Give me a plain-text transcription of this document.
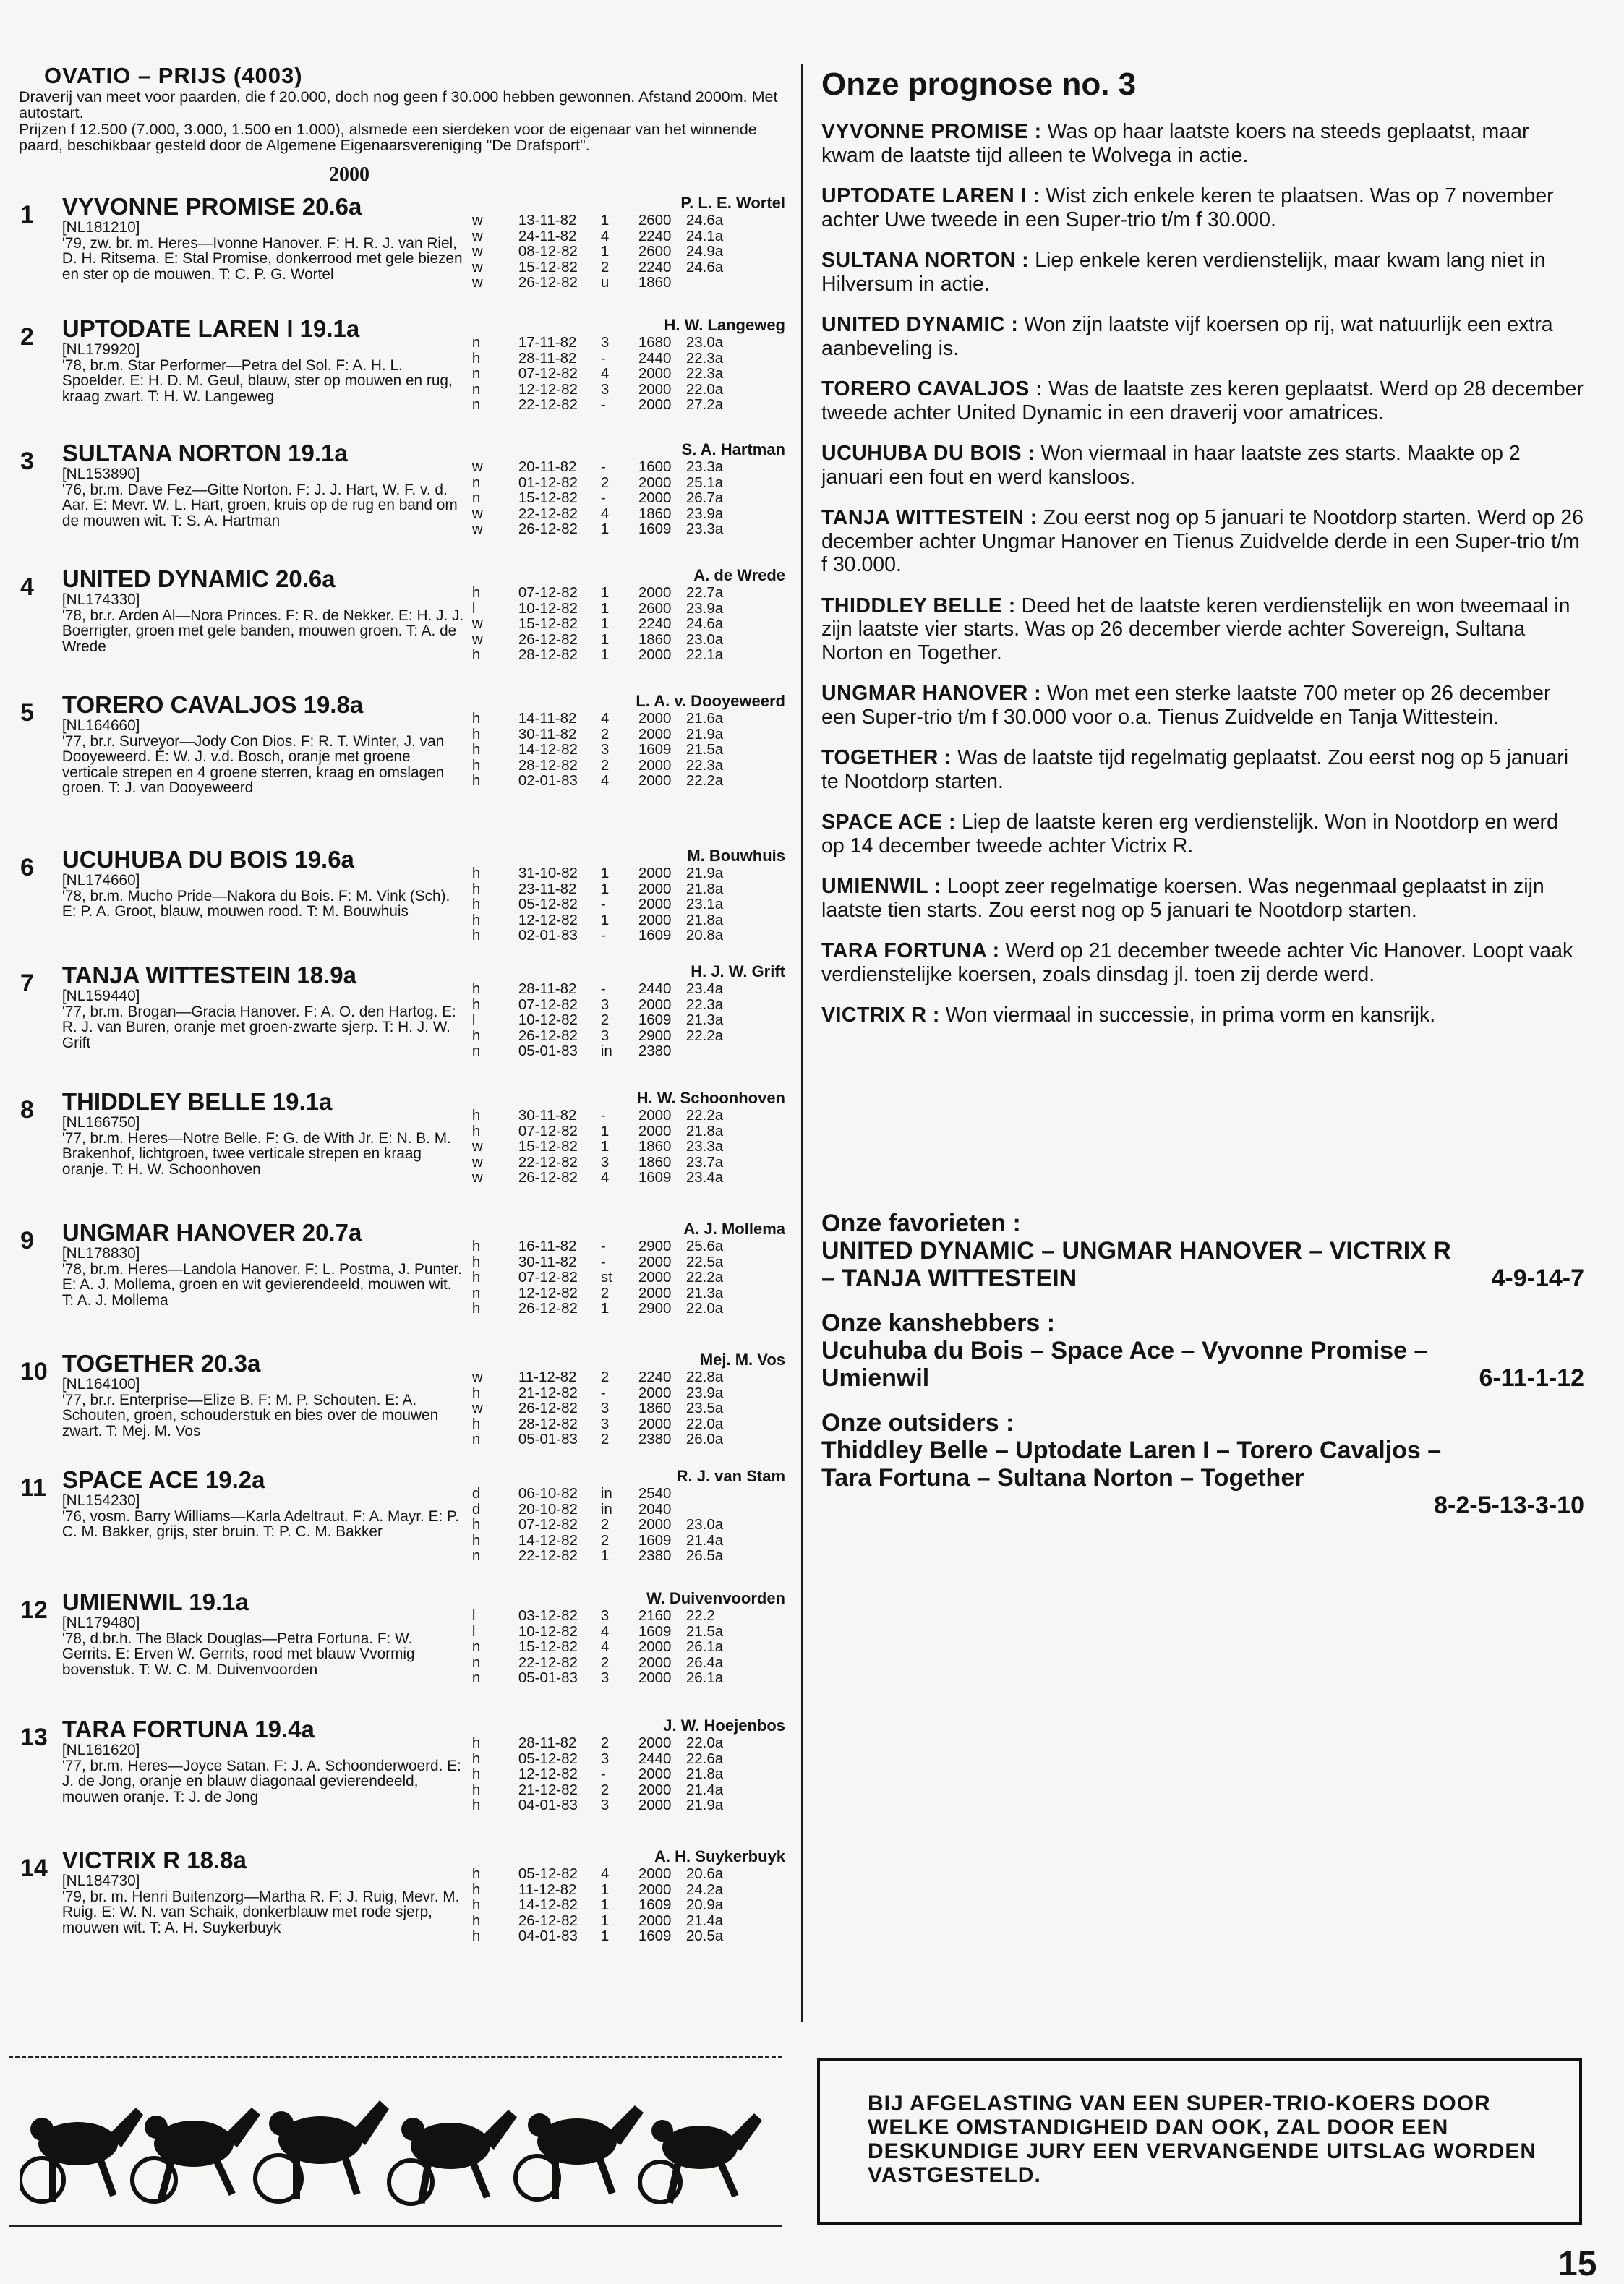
OVATIO – PRIJS (4003)
Draverij van meet voor paarden, die f 20.000, doch nog geen f 30.000 hebben gewonnen. Afstand 2000m. Met autostart.
Prijzen f 12.500 (7.000, 3.000, 1.500 en 1.000), alsmede een sierdeken voor de eigenaar van het winnende paard, beschikbaar gesteld door de Algemene Eigenaarsvereniging "De Drafsport".
2000
1	VYVONNE PROMISE 20.6a
[NL181210]
'79, zw. br. m. Heres—Ivonne Hanover. F: H. R. J. van Riel, D. H. Ritsema. E: Stal Promise, donkerrood met gele biezen en ster op de mouwen. T: C. P. G. Wortel
P. L. E. Wortel
w	13-11-82	1	2600 24.6a
w	24-11-82	4	2240 24.1a
w	08-12-82	1	2600 24.9a
w	15-12-82	2	2240 24.6a
w	26-12-82	u	1860
2	UPTODATE LAREN I 19.1a
[NL179920]
'78, br.m. Star Performer—Petra del Sol. F: A. H. L. Spoelder. E: H. D. M. Geul, blauw, ster op mouwen en rug, kraag zwart. T: H. W. Langeweg
H. W. Langeweg
n	17-11-82	3	1680 23.0a
h	28-11-82	-	2440 22.3a
n	07-12-82	4	2000 22.3a
n	12-12-82	3	2000 22.0a
n	22-12-82	-	2000 27.2a
3	SULTANA NORTON 19.1a
[NL153890]
'76, br.m. Dave Fez—Gitte Norton. F: J. J. Hart, W. F. v. d. Aar. E: Mevr. W. L. Hart, groen, kruis op de rug en band om de mouwen wit. T: S. A. Hartman
S. A. Hartman
w	20-11-82	-	1600 23.3a
n	01-12-82	2	2000 25.1a
n	15-12-82	-	2000 26.7a
w	22-12-82	4	1860 23.9a
w	26-12-82	1	1609 23.3a
4	UNITED DYNAMIC 20.6a
[NL174330]
'78, br.r. Arden Al—Nora Princes. F: R. de Nekker. E: H. J. J. Boerrigter, groen met gele banden, mouwen groen. T: A. de Wrede
A. de Wrede
h	07-12-82	1	2000 22.7a
l	10-12-82	1	2600 23.9a
w	15-12-82	1	2240 24.6a
w	26-12-82	1	1860 23.0a
h	28-12-82	1	2000 22.1a
5	TORERO CAVALJOS 19.8a
[NL164660]
'77, br.r. Surveyor—Jody Con Dios. F: R. T. Winter, J. van Dooyeweerd. E: W. J. v.d. Bosch, oranje met groene verticale strepen en 4 groene sterren, kraag en omslagen groen. T: J. van Dooyeweerd
L. A. v. Dooyeweerd
h	14-11-82	4	2000 21.6a
h	30-11-82	2	2000 21.9a
h	14-12-82	3	1609 21.5a
h	28-12-82	2	2000 22.3a
h	02-01-83	4	2000 22.2a
6	UCUHUBA DU BOIS 19.6a
[NL174660]
'78, br.m. Mucho Pride—Nakora du Bois. F: M. Vink (Sch). E: P. A. Groot, blauw, mouwen rood. T: M. Bouwhuis
M. Bouwhuis
h	31-10-82	1	2000 21.9a
h	23-11-82	1	2000 21.8a
h	05-12-82	-	2000 23.1a
h	12-12-82	1	2000 21.8a
h	02-01-83	-	1609 20.8a
7	TANJA WITTESTEIN 18.9a
[NL159440]
'77, br.m. Brogan—Gracia Hanover. F: A. O. den Hartog. E: R. J. van Buren, oranje met groen-zwarte sjerp. T: H. J. W. Grift
H. J. W. Grift
h	28-11-82	-	2440 23.4a
h	07-12-82	3	2000 22.3a
l	10-12-82	2	1609 21.3a
h	26-12-82	3	2900 22.2a
n	05-01-83	in	2380
8	THIDDLEY BELLE 19.1a
[NL166750]
'77, br.m. Heres—Notre Belle. F: G. de With Jr. E: N. B. M. Brakenhof, lichtgroen, twee verticale strepen en kraag oranje. T: H. W. Schoonhoven
H. W. Schoonhoven
h	30-11-82	-	2000 22.2a
h	07-12-82	1	2000 21.8a
w	15-12-82	1	1860 23.3a
w	22-12-82	3	1860 23.7a
w	26-12-82	4	1609 23.4a
9	UNGMAR HANOVER 20.7a
[NL178830]
'78, br.m. Heres—Landola Hanover. F: L. Postma, J. Punter. E: A. J. Mollema, groen en wit gevierendeeld, mouwen wit. T: A. J. Mollema
A. J. Mollema
h	16-11-82	-	2900 25.6a
h	30-11-82	-	2000 22.5a
h	07-12-82	st	2000 22.2a
n	12-12-82	2	2000 21.3a
h	26-12-82	1	2900 22.0a
10 TOGETHER 20.3a
[NL164100]
'77, br.r. Enterprise—Elize B. F: M. P. Schouten. E: A. Schouten, groen, schouderstuk en bies over de mouwen zwart. T: Mej. M. Vos
Mej. M. Vos
w	11-12-82	2	2240 22.8a
h	21-12-82	-	2000 23.9a
w	26-12-82	3	1860 23.5a
h	28-12-82	3	2000 22.0a
n	05-01-83	2	2380 26.0a
11 SPACE ACE 19.2a
[NL154230]
'76, vosm. Barry Williams—Karla Adeltraut. F: A. Mayr. E: P. C. M. Bakker, grijs, ster bruin. T: P. C. M. Bakker
R. J. van Stam
d	06-10-82	in	2540
d	20-10-82	in	2040
h	07-12-82	2	2000 23.0a
h	14-12-82	2	1609 21.4a
n	22-12-82	1	2380 26.5a
12 UMIENWIL 19.1a
[NL179480]
'78, d.br.h. The Black Douglas—Petra Fortuna. F: W. Gerrits. E: Erven W. Gerrits, rood met blauw Vvormig bovenstuk. T: W. C. M. Duivenvoorden
W. Duivenvoorden
l	03-12-82	3	2160 22.2
l	10-12-82	4	1609 21.5a
n	15-12-82	4	2000 26.1a
n	22-12-82	2	2000 26.4a
n	05-01-83	3	2000 26.1a
13 TARA FORTUNA 19.4a
[NL161620]
'77, br.m. Heres—Joyce Satan. F: J. A. Schoonderwoerd. E: J. de Jong, oranje en blauw diagonaal gevierendeeld, mouwen oranje. T: J. de Jong
J. W. Hoejenbos
h	28-11-82	2	2000 22.0a
h	05-12-82	3	2440 22.6a
h	12-12-82	-	2000 21.8a
h	21-12-82	2	2000 21.4a
h	04-01-83	3	2000 21.9a
14 VICTRIX R 18.8a
[NL184730]
'79, br. m. Henri Buitenzorg—Martha R. F: J. Ruig, Mevr. M. Ruig. E: W. N. van Schaik, donkerblauw met rode sjerp, mouwen wit. T: A. H. Suykerbuyk
A. H. Suykerbuyk
h	05-12-82	4	2000 20.6a
h	11-12-82	1	2000 24.2a
h	14-12-82	1	1609 20.9a
h	26-12-82	1	2000 21.4a
h	04-01-83	1	1609 20.5a
Onze prognose no. 3
VYVONNE PROMISE : Was op haar laatste koers na steeds geplaatst, maar kwam de laatste tijd alleen te Wolvega in actie.
UPTODATE LAREN I : Wist zich enkele keren te plaatsen. Was op 7 november achter Uwe tweede in een Super-trio t/m f 30.000.
SULTANA NORTON : Liep enkele keren verdienstelijk, maar kwam lang niet in Hilversum in actie.
UNITED DYNAMIC : Won zijn laatste vijf koersen op rij, wat natuurlijk een extra aanbeveling is.
TORERO CAVALJOS : Was de laatste zes keren geplaatst. Werd op 28 december tweede achter United Dynamic in een draverij voor amatrices.
UCUHUBA DU BOIS : Won viermaal in haar laatste zes starts. Maakte op 2 januari een fout en werd kansloos.
TANJA WITTESTEIN : Zou eerst nog op 5 januari te Nootdorp starten. Werd op 26 december achter Ungmar Hanover en Tienus Zuidvelde derde in een Super-trio t/m f 30.000.
THIDDLEY BELLE : Deed het de laatste keren verdienstelijk en won tweemaal in zijn laatste vier starts. Was op 26 december vierde achter Sovereign, Sultana Norton en Together.
UNGMAR HANOVER : Won met een sterke laatste 700 meter op 26 december een Super-trio t/m f 30.000 voor o.a. Tienus Zuidvelde en Tanja Wittestein.
TOGETHER : Was de laatste tijd regelmatig geplaatst. Zou eerst nog op 5 januari te Nootdorp starten.
SPACE ACE : Liep de laatste keren erg verdienstelijk. Won in Nootdorp en werd op 14 december tweede achter Victrix R.
UMIENWIL : Loopt zeer regelmatige koersen. Was negenmaal geplaatst in zijn laatste tien starts. Zou eerst nog op 5 januari te Nootdorp starten.
TARA FORTUNA : Werd op 21 december tweede achter Vic Hanover. Loopt vaak verdienstelijke koersen, zoals dinsdag jl. toen zij derde werd.
VICTRIX R : Won viermaal in successie, in prima vorm en kansrijk.
Onze favorieten :
UNITED DYNAMIC – UNGMAR HANOVER – VICTRIX R
– TANJA WITTESTEIN	4-9-14-7
Onze kanshebbers :
Ucuhuba du Bois – Space Ace – Vyvonne Promise –
Umienwil	6-11-1-12
Onze outsiders :
Thiddley Belle – Uptodate Laren I – Torero Cavaljos –
Tara Fortuna – Sultana Norton – Together
8-2-5-13-3-10
BIJ AFGELASTING VAN EEN SUPER-TRIO-KOERS DOOR WELKE OMSTANDIGHEID DAN OOK, ZAL DOOR EEN DESKUNDIGE JURY EEN VERVANGENDE UITSLAG WORDEN VASTGESTELD.
15
